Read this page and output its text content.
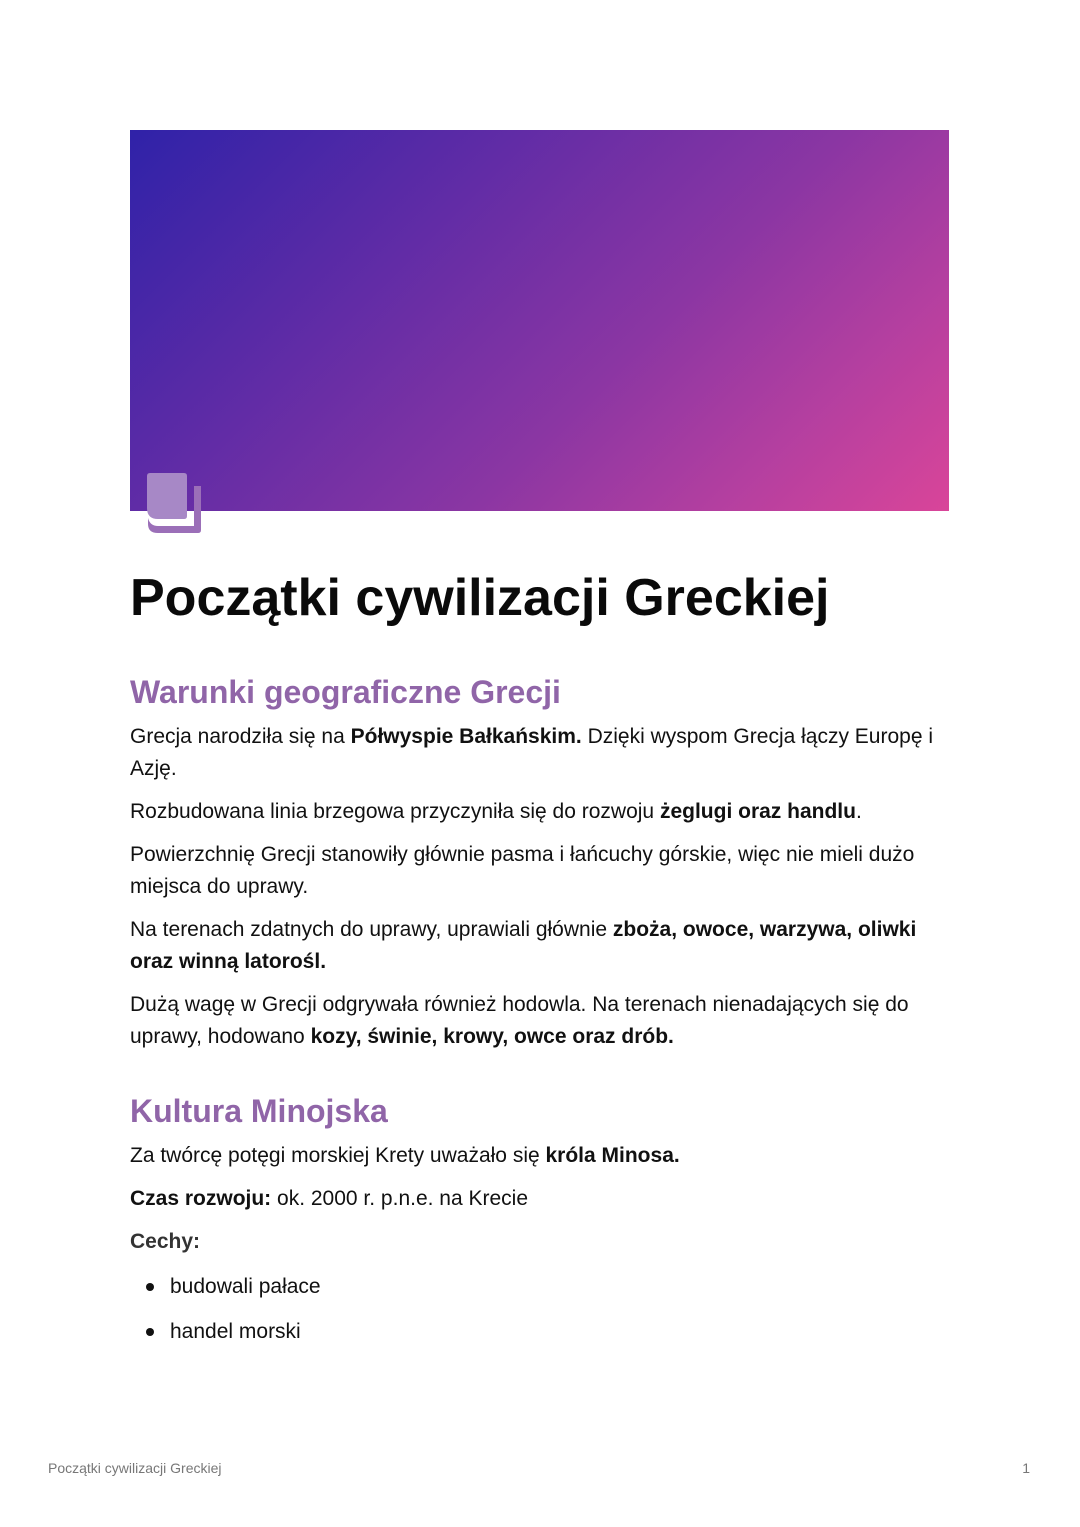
Początki cywilizacji Greckiej
Warunki geograficzne Grecji

Grecja narodziła się na Półwyspie Bałkańskim. Dzięki wyspom Grecja łączy Europę i Azję.

Rozbudowana linia brzegowa przyczyniła się do rozwoju żeglugi oraz handlu.

Powierzchnię Grecji stanowiły głównie pasma i łańcuchy górskie, więc nie mieli dużo miejsca do uprawy.

Na terenach zdatnych do uprawy, uprawiali głównie zboża, owoce, warzywa, oliwki oraz winną latorośl.

Dużą wagę w Grecji odgrywała również hodowla. Na terenach nienadających się do uprawy, hodowano kozy, świnie, krowy, owce oraz drób.

Kultura Minojska

Za twórcę potęgi morskiej Krety uważało się króla Minosa.

Czas rozwoju: ok. 2000 r. p.n.e. na Krecie

Cechy:
budowali pałace
handel morski
Początki cywilizacji Greckiej	1
